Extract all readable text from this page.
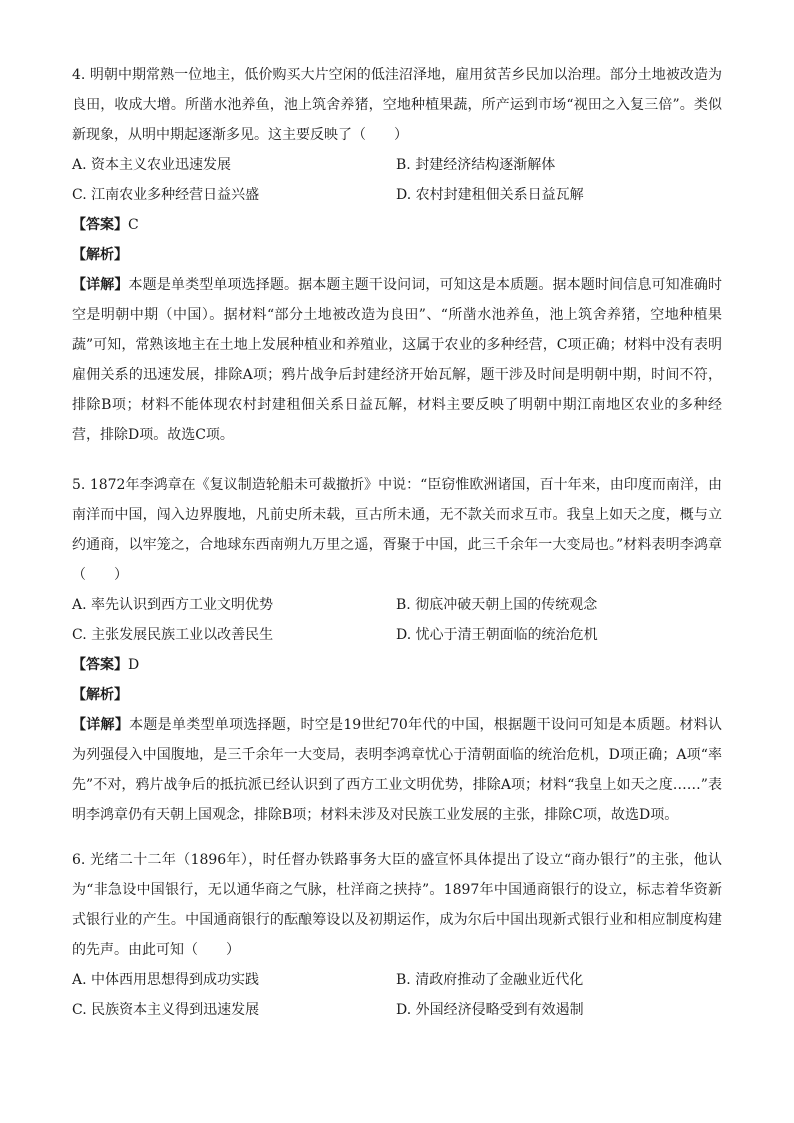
4. 明朝中期常熟一位地主，低价购买大片空闲的低洼沼泽地，雇用贫苦乡民加以治理。部分土地被改造为良田，收成大增。所凿水池养鱼，池上筑舍养猪，空地种植果蔬，所产运到市场“视田之入复三倍”。类似新现象，从明中期起逐渐多见。这主要反映了（　　）

A. 资本主义农业迅速发展	B. 封建经济结构逐渐解体
C. 江南农业多种经营日益兴盛	D. 农村封建租佃关系日益瓦解

【答案】C

【解析】

【详解】本题是单类型单项选择题。据本题主题干设问词，可知这是本质题。据本题时间信息可知准确时空是明朝中期（中国）。据材料“部分土地被改造为良田”、“所凿水池养鱼，池上筑舍养猪，空地种植果蔬”可知，常熟该地主在土地上发展种植业和养殖业，这属于农业的多种经营，C项正确；材料中没有表明雇佣关系的迅速发展，排除A项；鸦片战争后封建经济开始瓦解，题干涉及时间是明朝中期，时间不符，排除B项；材料不能体现农村封建租佃关系日益瓦解，材料主要反映了明朝中期江南地区农业的多种经营，排除D项。故选C项。

5. 1872年李鸿章在《复议制造轮船未可裁撤折》中说：“臣窃惟欧洲诸国，百十年来，由印度而南洋，由南洋而中国，闯入边界腹地，凡前史所未载，亘古所未通，无不款关而求互市。我皇上如天之度，概与立约通商，以牢笼之，合地球东西南朔九万里之遥，胥聚于中国，此三千余年一大变局也。”材料表明李鸿章（　　）

A. 率先认识到西方工业文明优势	B. 彻底冲破天朝上国的传统观念
C. 主张发展民族工业以改善民生	D. 忧心于清王朝面临的统治危机

【答案】D

【解析】

【详解】本题是单类型单项选择题，时空是19世纪70年代的中国，根据题干设问可知是本质题。材料认为列强侵入中国腹地，是三千余年一大变局，表明李鸿章忧心于清朝面临的统治危机，D项正确；A项“率先”不对，鸦片战争后的抵抗派已经认识到了西方工业文明优势，排除A项；材料“我皇上如天之度……”表明李鸿章仍有天朝上国观念，排除B项；材料未涉及对民族工业发展的主张，排除C项，故选D项。

6. 光绪二十二年（1896年），时任督办铁路事务大臣的盛宣怀具体提出了设立“商办银行”的主张，他认为“非急设中国银行，无以通华商之气脉，杜洋商之挟持”。1897年中国通商银行的设立，标志着华资新式银行业的产生。中国通商银行的酝酿筹设以及初期运作，成为尔后中国出现新式银行业和相应制度构建的先声。由此可知（　　）

A. 中体西用思想得到成功实践	B. 清政府推动了金融业近代化
C. 民族资本主义得到迅速发展	D. 外国经济侵略受到有效遏制
